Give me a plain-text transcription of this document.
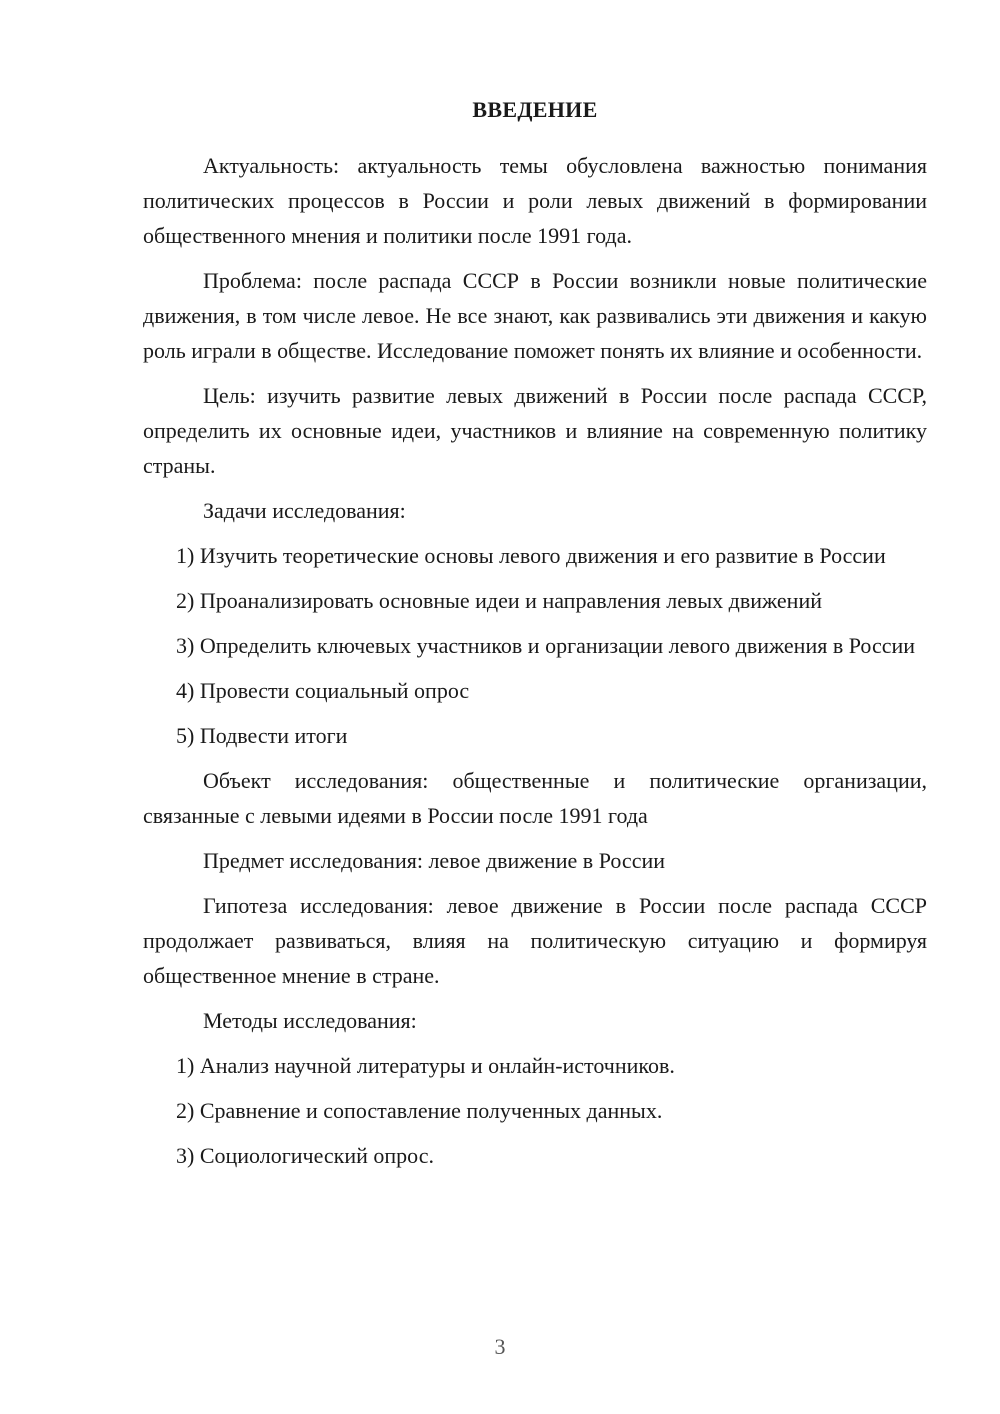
ВВЕДЕНИЕ

Актуальность: актуальность темы обусловлена важностью понимания политических процессов в России и роли левых движений в формировании общественного мнения и политики после 1991 года.

Проблема: после распада СССР в России возникли новые политические движения, в том числе левое. Не все знают, как развивались эти движения и какую роль играли в обществе. Исследование поможет понять их влияние и особенности.

Цель: изучить развитие левых движений в России после распада СССР, определить их основные идеи, участников и влияние на современную политику страны.

Задачи исследования:

1) Изучить теоретические основы левого движения и его развитие в России

2) Проанализировать основные идеи и направления левых движений

3) Определить ключевых участников и организации левого движения в России

4) Провести социальный опрос

5) Подвести итоги

Объект исследования: общественные и политические организации, связанные с левыми идеями в России после 1991 года

Предмет исследования: левое движение в России

Гипотеза исследования: левое движение в России после распада СССР продолжает развиваться, влияя на политическую ситуацию и формируя общественное мнение в стране.

Методы исследования:

1) Анализ научной литературы и онлайн-источников.

2) Сравнение и сопоставление полученных данных.

3) Социологический опрос.

3
